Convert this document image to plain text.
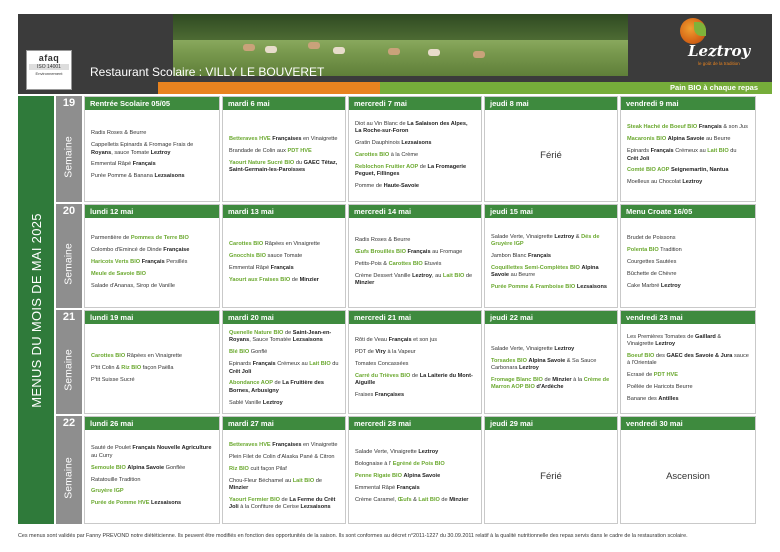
afaq
ISO 14001
Environnement	Restaurant Scolaire : VILLY LE BOUVERET
Pain BIO à chaque repas
Leztroy
le goût de la tradition
MENUS DU MOIS DE MAI 2025
19
Semaine
Rentrée Scolaire 05/05
Radis Roses & Beurre
Cappelletis Epinards & Fromage Frais de Royans, sauce Tomate Leztroy
Emmental Râpé Français
Purée Pomme & Banana Lezsaisons
mardi 6 mai
Betteraves HVE Françaises en Vinaigrette
Brandade de Colin aux PDT HVE
Yaourt Nature Sucré BIO du GAEC Têtaz, Saint-Germain-les-Paroisses
mercredi 7 mai
Diot au Vin Blanc de La Salaison des Alpes, La Roche-sur-Foron
Gratin Dauphinois Lezsaisons
Carottes BIO à la Crème
Reblochon Fruitier AOP de La Fromagerie Peguet, Fillinges
Pomme de Haute-Savoie
jeudi 8 mai
Férié
vendredi 9 mai
Steak Haché de Boeuf BIO Français & son Jus
Macaronis BIO Alpina Savoie au Beurre
Epinards Français Crémeux au Lait BIO du Crêt Joli
Comté BIO AOP Seignemartin, Nantua
Moelleux au Chocolat Leztroy
20
Semaine
lundi 12 mai
Parmentière de Pommes de Terre BIO
Colombo d'Emincé de Dinde Française
Haricots Verts BIO Français Persillés
Meule de Savoie BIO
Salade d'Ananas, Sirop de Vanille
mardi 13 mai
Carottes BIO Râpées en Vinaigrette
Gnocchis BIO sauce Tomate
Emmental Râpé Français
Yaourt aux Fraises BIO de Minzier
mercredi 14 mai
Radis Roses & Beurre
Œufs Brouillés BIO Français au Fromage
Petits-Pois & Carottes BIO Etuvés
Crème Dessert Vanille Leztroy, au Lait BIO de Minzier
jeudi 15 mai
Salade Verte, Vinaigrette Leztroy & Dés de Gruyère IGP
Jambon Blanc Français
Coquillettes Semi-Complètes BIO Alpina Savoie au Beurre
Purée Pomme & Framboise BIO Lezsaisons
Menu Croate 16/05
Brudet de Poissons
Polenta BIO Tradition
Courgettes Sautées
Bûchette de Chèvre
Cake Marbré Leztroy
21
Semaine
lundi 19 mai
Carottes BIO Râpées en Vinaigrette
P'tit Colin & Riz BIO façon Paëlla
P'tit Suisse Sucré
mardi 20 mai
Quenelle Nature BIO de Saint-Jean-en-Royans, Sauce Tomatée Lezsaisons
Blé BIO Gonflé
Epinards Français Crémeux au Lait BIO du Crêt Joli
Abondance AOP de La Fruitière des Bornes, Arbusigny
Sablé Vanille Leztroy
mercredi 21 mai
Rôti de Veau Français et son jus
PDT de Viry à la Vapeur
Tomates Concassées
Carré du Trièves BIO de La Laiterie du Mont-Aiguille
Fraises Françaises
jeudi 22 mai
Salade Verte, Vinaigrette Leztroy
Torsades BIO Alpina Savoie & Sa Sauce Carbonara Leztroy
Fromage Blanc BIO de Minzier à la Crème de Marron AOP BIO d'Ardèche
vendredi 23 mai
Les Premières Tomates de Gaillard & Vinaigrette Leztroy
Boeuf BIO des GAEC des Savoie & Jura sauce à l'Orientale
Ecrasé de PDT HVE
Poêlée de Haricots Beurre
Banane des Antilles
22
Semaine
lundi 26 mai
Sauté de Poulet Français Nouvelle Agriculture au Curry
Semoule BIO Alpina Savoie Gonflée
Ratatouille Tradition
Gruyère IGP
Purée de Pomme HVE Lezsaisons
mardi 27 mai
Betteraves HVE Françaises en Vinaigrette
Plein Filet de Colin d'Alaska Pané & Citron
Riz BIO cuit façon Pilaf
Chou-Fleur Béchamel au Lait BIO de Minzier
Yaourt Fermier BIO de La Ferme du Crêt Joli à la Confiture de Cerise Lezsaisons
mercredi 28 mai
Salade Verte, Vinaigrette Leztroy
Bolognaise à l' Egréné de Pois BIO
Penne Rigate BIO Alpina Savoie
Emmental Râpé Français
Crème Caramel, Œufs & Lait BIO de Minzier
jeudi 29 mai
Férié
vendredi 30 mai
Ascension
Ces menus sont validés par Fanny PREVOND notre diététicienne. Ils peuvent être modifiés en fonction des opportunités de la saison. Ils sont conformes au décret n°2011-1227 du 30.09.2011 relatif à la qualité nutritionnelle des repas servis dans le cadre de la restauration scolaire.
